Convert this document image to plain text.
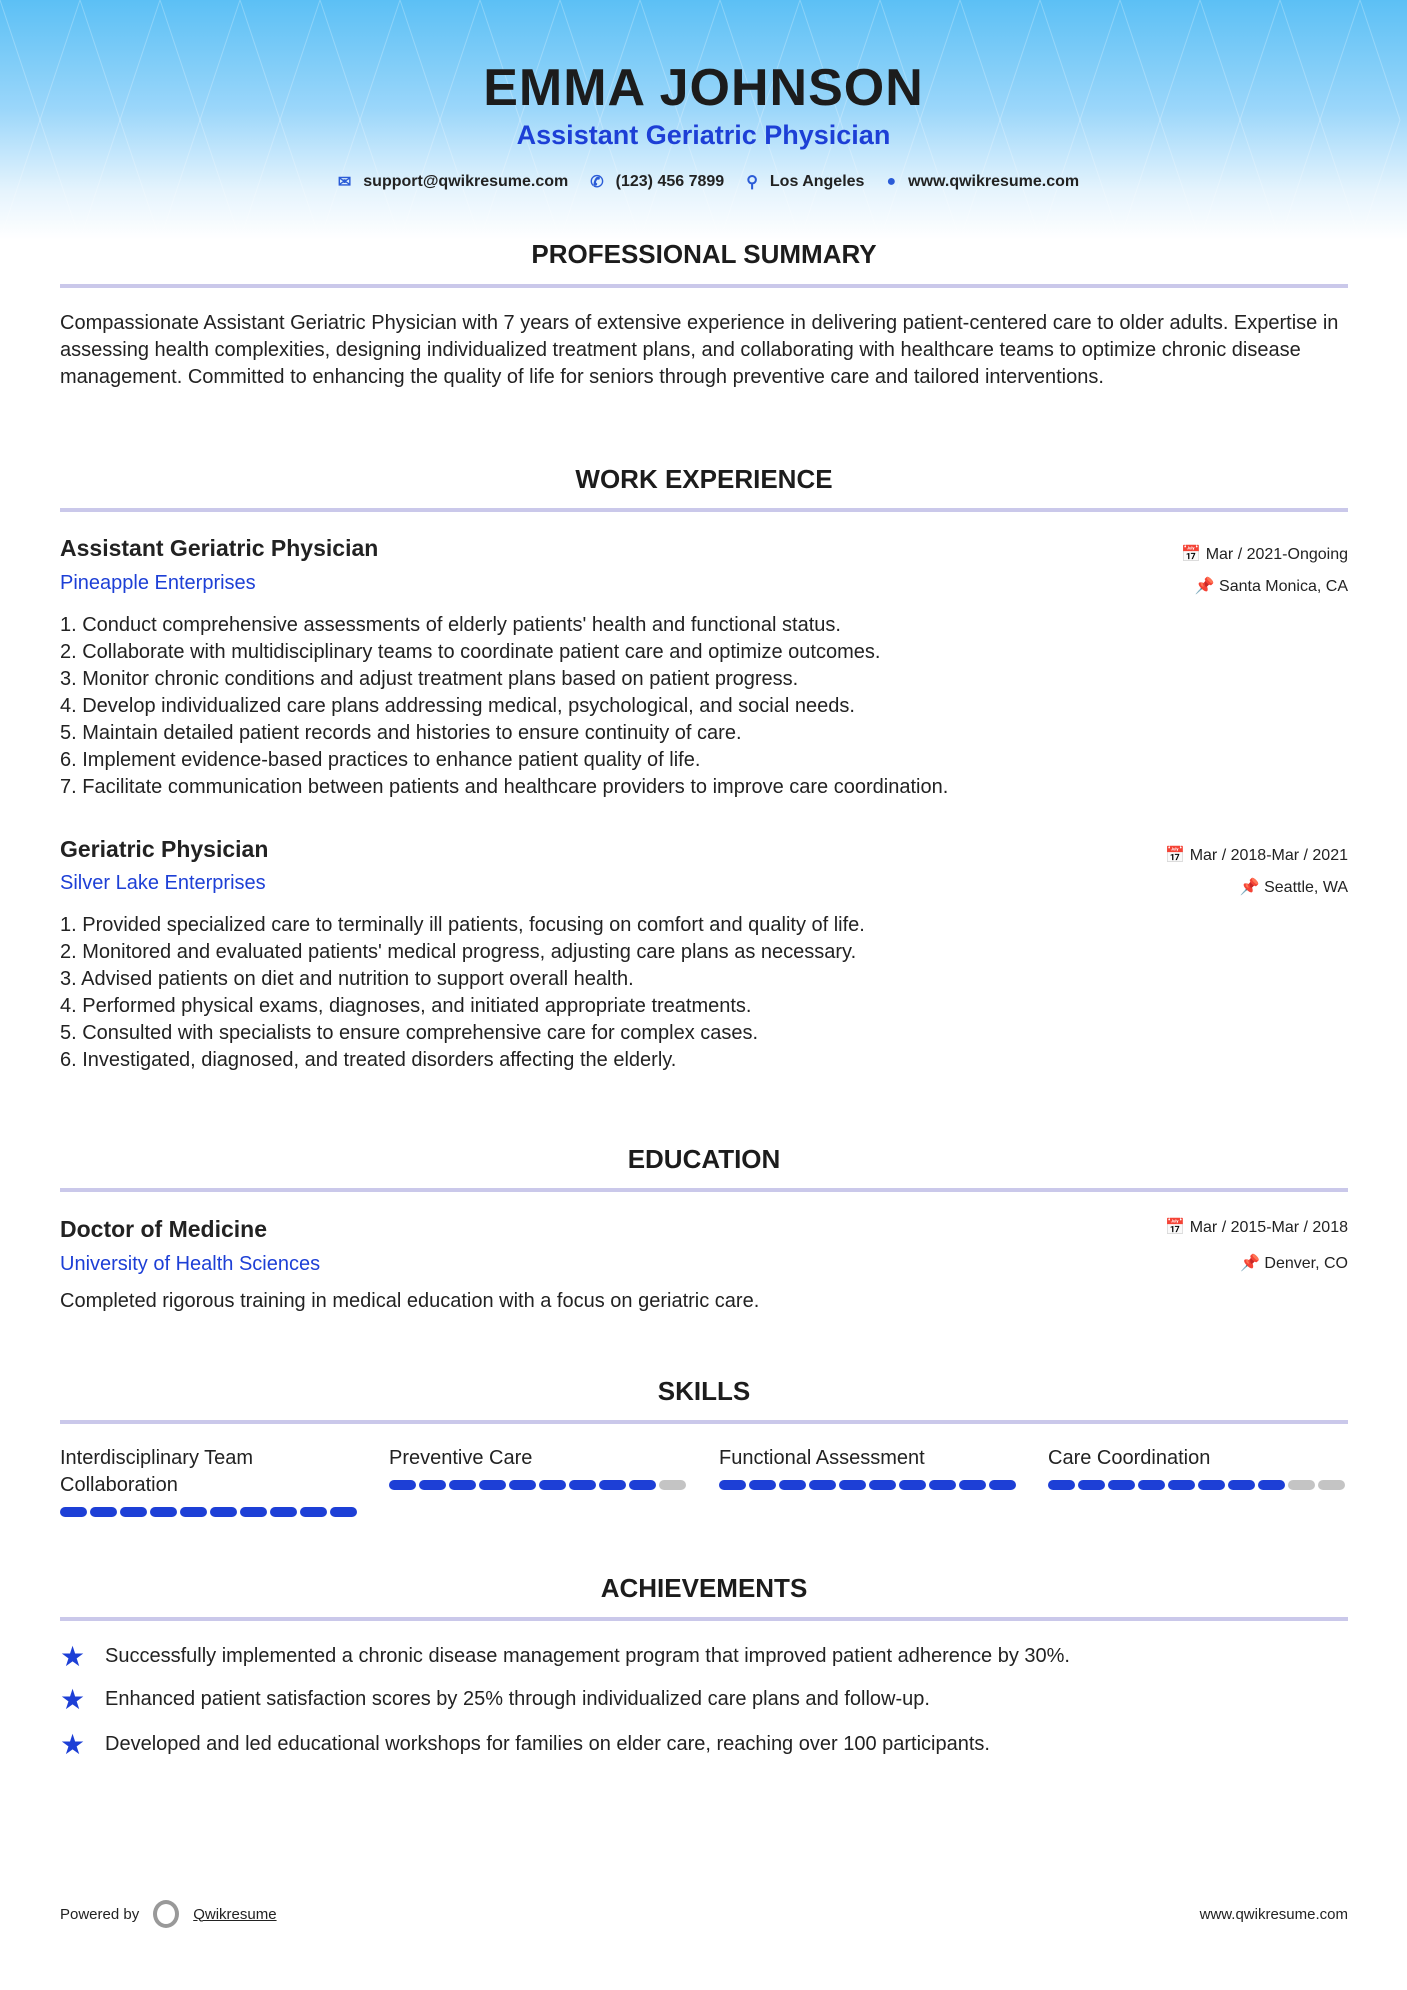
EMMA JOHNSON
Assistant Geriatric Physician
✉ support@qwikresume.com ✆ (123) 456 7899 ⚲ Los Angeles ● www.qwikresume.com
PROFESSIONAL SUMMARY
Compassionate Assistant Geriatric Physician with 7 years of extensive experience in delivering patient-centered care to older adults. Expertise in assessing health complexities, designing individualized treatment plans, and collaborating with healthcare teams to optimize chronic disease management. Committed to enhancing the quality of life for seniors through preventive care and tailored interventions.
WORK EXPERIENCE
Assistant Geriatric Physician
Pineapple Enterprises
📅 Mar / 2021-Ongoing
📌 Santa Monica, CA
1. Conduct comprehensive assessments of elderly patients' health and functional status.
2. Collaborate with multidisciplinary teams to coordinate patient care and optimize outcomes.
3. Monitor chronic conditions and adjust treatment plans based on patient progress.
4. Develop individualized care plans addressing medical, psychological, and social needs.
5. Maintain detailed patient records and histories to ensure continuity of care.
6. Implement evidence-based practices to enhance patient quality of life.
7. Facilitate communication between patients and healthcare providers to improve care coordination.
Geriatric Physician
Silver Lake Enterprises
📅 Mar / 2018-Mar / 2021
📌 Seattle, WA
1. Provided specialized care to terminally ill patients, focusing on comfort and quality of life.
2. Monitored and evaluated patients' medical progress, adjusting care plans as necessary.
3. Advised patients on diet and nutrition to support overall health.
4. Performed physical exams, diagnoses, and initiated appropriate treatments.
5. Consulted with specialists to ensure comprehensive care for complex cases.
6. Investigated, diagnosed, and treated disorders affecting the elderly.
EDUCATION
Doctor of Medicine
University of Health Sciences
📅 Mar / 2015-Mar / 2018
📌 Denver, CO
Completed rigorous training in medical education with a focus on geriatric care.
SKILLS
Interdisciplinary Team Collaboration
Preventive Care	Functional Assessment	Care Coordination
ACHIEVEMENTS
★ Successfully implemented a chronic disease management program that improved patient adherence by 30%.
★ Enhanced patient satisfaction scores by 25% through individualized care plans and follow-up.
★ Developed and led educational workshops for families on elder care, reaching over 100 participants.
Powered by	Qwikresume	www.qwikresume.com
